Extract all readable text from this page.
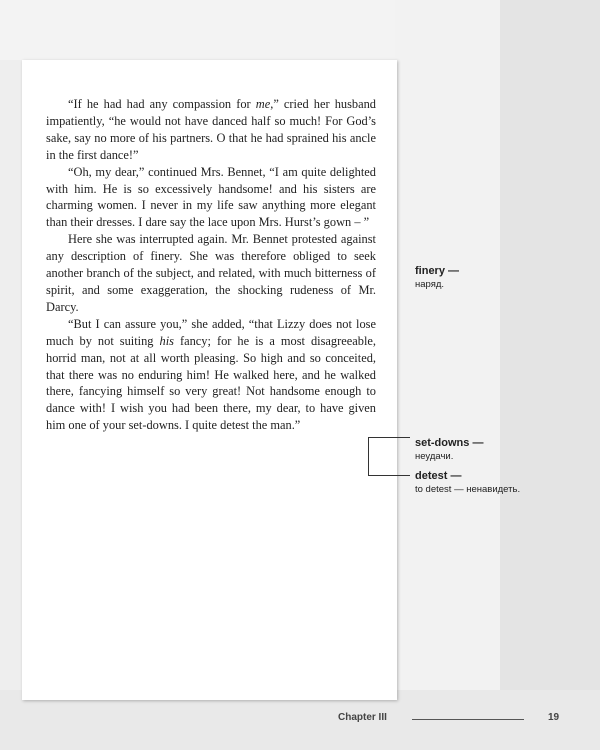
“If he had had any compassion for me,” cried her husband impatiently, “he would not have danced half so much! For God’s sake, say no more of his partners. O that he had sprained his ancle in the first dance!”

“Oh, my dear,” continued Mrs. Bennet, “I am quite delighted with him. He is so excessively handsome! and his sisters are charming women. I never in my life saw anything more elegant than their dresses. I dare say the lace upon Mrs. Hurst’s gown – ”

Here she was interrupted again. Mr. Bennet protested against any description of finery. She was therefore obliged to seek another branch of the subject, and related, with much bitterness of spirit, and some exaggeration, the shocking rudeness of Mr. Darcy.

“But I can assure you,” she added, “that Lizzy does not lose much by not suiting his fancy; for he is a most disagreeable, horrid man, not at all worth pleasing. So high and so conceited, that there was no enduring him! He walked here, and he walked there, fancying himself so very great! Not handsome enough to dance with! I wish you had been there, my dear, to have given him one of your set-downs. I quite detest the man.”

finery —
наряд.
set-downs —
неудачи.
detest —
to detest — ненавидеть.
Chapter III	19
